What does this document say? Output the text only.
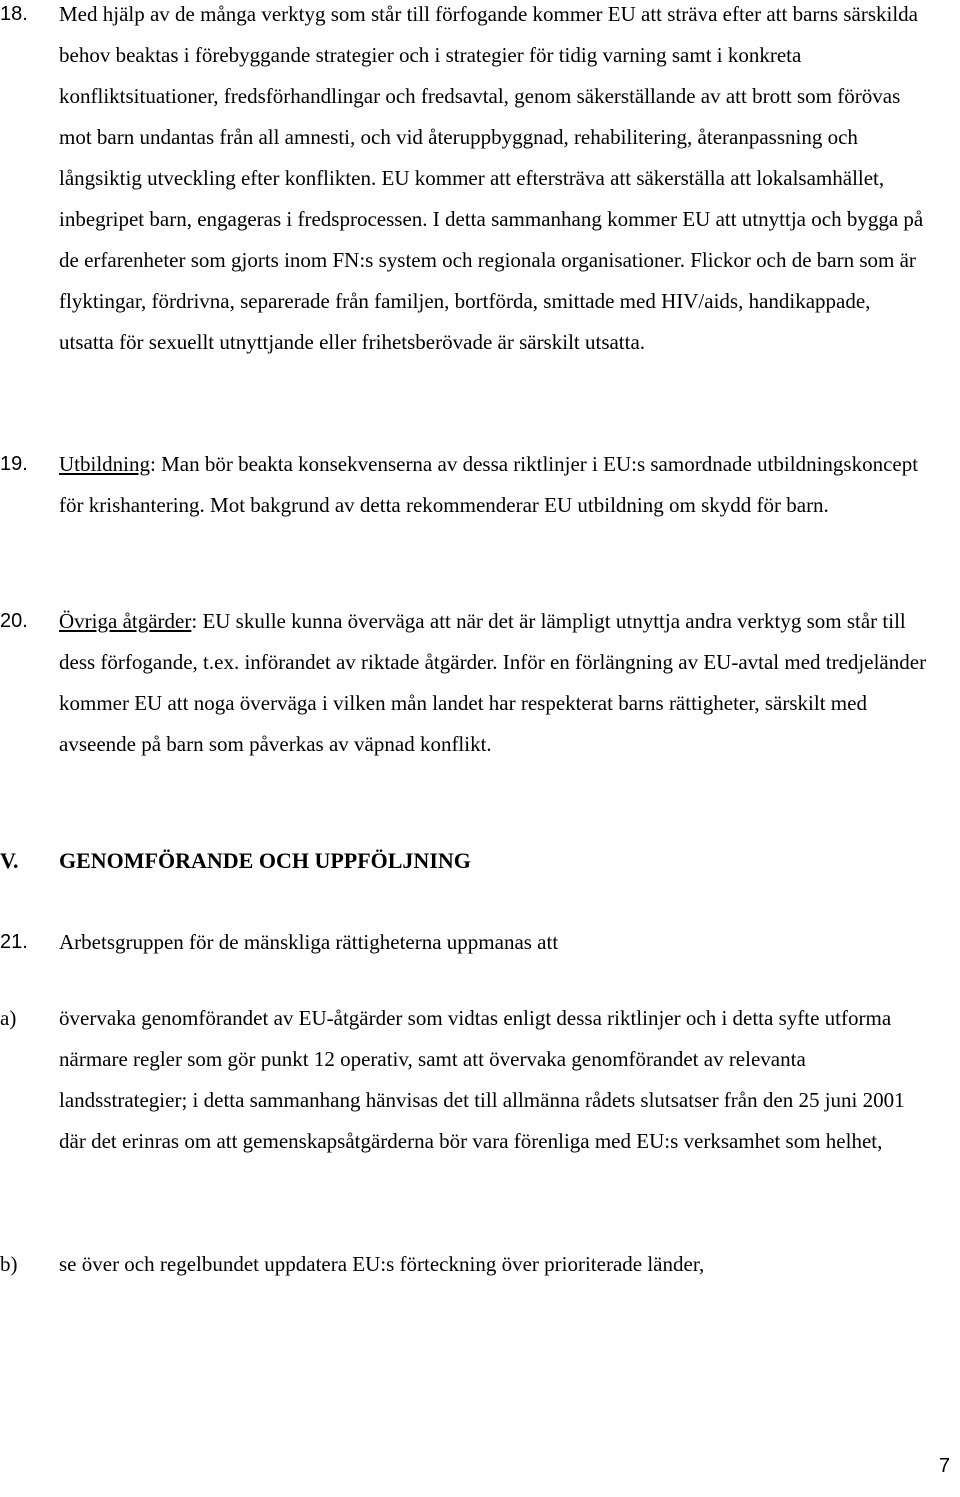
18. Med hjälp av de många verktyg som står till förfogande kommer EU att sträva efter att barns särskilda behov beaktas i förebyggande strategier och i strategier för tidig varning samt i konkreta konfliktsituationer, fredsförhandlingar och fredsavtal, genom säkerställande av att brott som förövas mot barn undantas från all amnesti, och vid återuppbyggnad, rehabilitering, återanpassning och långsiktig utveckling efter konflikten. EU kommer att eftersträva att säkerställa att lokalsamhället, inbegripet barn, engageras i fredsprocessen. I detta sammanhang kommer EU att utnyttja och bygga på de erfarenheter som gjorts inom FN:s system och regionala organisationer. Flickor och de barn som är flyktingar, fördrivna, separerade från familjen, bortförda, smittade med HIV/aids, handikappade, utsatta för sexuellt utnyttjande eller frihetsberövade är särskilt utsatta.
19. Utbildning: Man bör beakta konsekvenserna av dessa riktlinjer i EU:s samordnade utbildningskoncept för krishantering. Mot bakgrund av detta rekommenderar EU utbildning om skydd för barn.
20. Övriga åtgärder: EU skulle kunna överväga att när det är lämpligt utnyttja andra verktyg som står till dess förfogande, t.ex. införandet av riktade åtgärder. Inför en förlängning av EU-avtal med tredjeländer kommer EU att noga överväga i vilken mån landet har respekterat barns rättigheter, särskilt med avseende på barn som påverkas av väpnad konflikt.
V. GENOMFÖRANDE OCH UPPFÖLJNING
21. Arbetsgruppen för de mänskliga rättigheterna uppmanas att
a) övervaka genomförandet av EU-åtgärder som vidtas enligt dessa riktlinjer och i detta syfte utforma närmare regler som gör punkt 12 operativ, samt att övervaka genomförandet av relevanta landsstrategier; i detta sammanhang hänvisas det till allmänna rådets slutsatser från den 25 juni 2001 där det erinras om att gemenskapsåtgärderna bör vara förenliga med EU:s verksamhet som helhet,
b) se över och regelbundet uppdatera EU:s förteckning över prioriterade länder,
7
